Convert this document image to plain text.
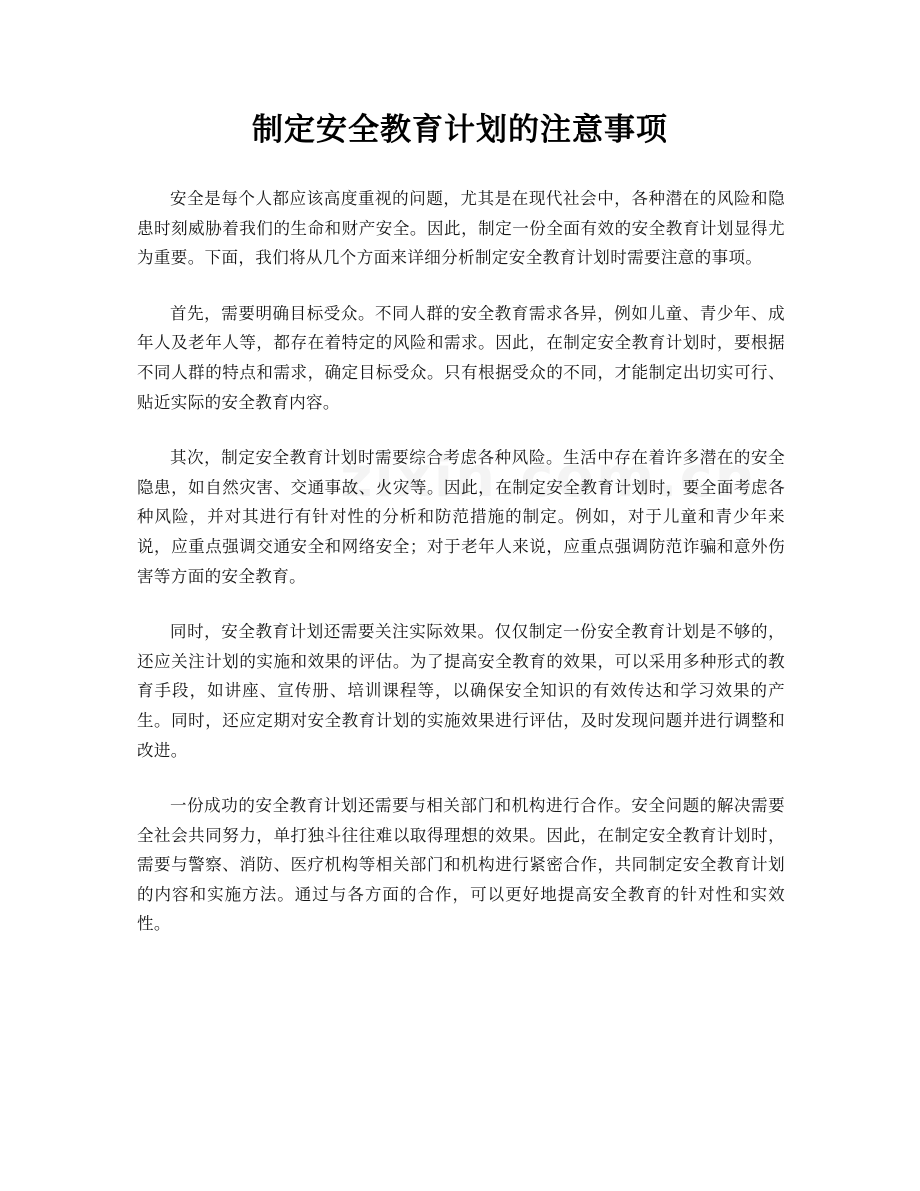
制定安全教育计划的注意事项

安全是每个人都应该高度重视的问题，尤其是在现代社会中，各种潜在的风险和隐患时刻威胁着我们的生命和财产安全。因此，制定一份全面有效的安全教育计划显得尤为重要。下面，我们将从几个方面来详细分析制定安全教育计划时需要注意的事项。

首先，需要明确目标受众。不同人群的安全教育需求各异，例如儿童、青少年、成年人及老年人等，都存在着特定的风险和需求。因此，在制定安全教育计划时，要根据不同人群的特点和需求，确定目标受众。只有根据受众的不同，才能制定出切实可行、贴近实际的安全教育内容。

其次，制定安全教育计划时需要综合考虑各种风险。生活中存在着许多潜在的安全隐患，如自然灾害、交通事故、火灾等。因此，在制定安全教育计划时，要全面考虑各种风险，并对其进行有针对性的分析和防范措施的制定。例如，对于儿童和青少年来说，应重点强调交通安全和网络安全；对于老年人来说，应重点强调防范诈骗和意外伤害等方面的安全教育。

同时，安全教育计划还需要关注实际效果。仅仅制定一份安全教育计划是不够的，还应关注计划的实施和效果的评估。为了提高安全教育的效果，可以采用多种形式的教育手段，如讲座、宣传册、培训课程等，以确保安全知识的有效传达和学习效果的产生。同时，还应定期对安全教育计划的实施效果进行评估，及时发现问题并进行调整和改进。

一份成功的安全教育计划还需要与相关部门和机构进行合作。安全问题的解决需要全社会共同努力，单打独斗往往难以取得理想的效果。因此，在制定安全教育计划时，需要与警察、消防、医疗机构等相关部门和机构进行紧密合作，共同制定安全教育计划的内容和实施方法。通过与各方面的合作，可以更好地提高安全教育的针对性和实效性。
